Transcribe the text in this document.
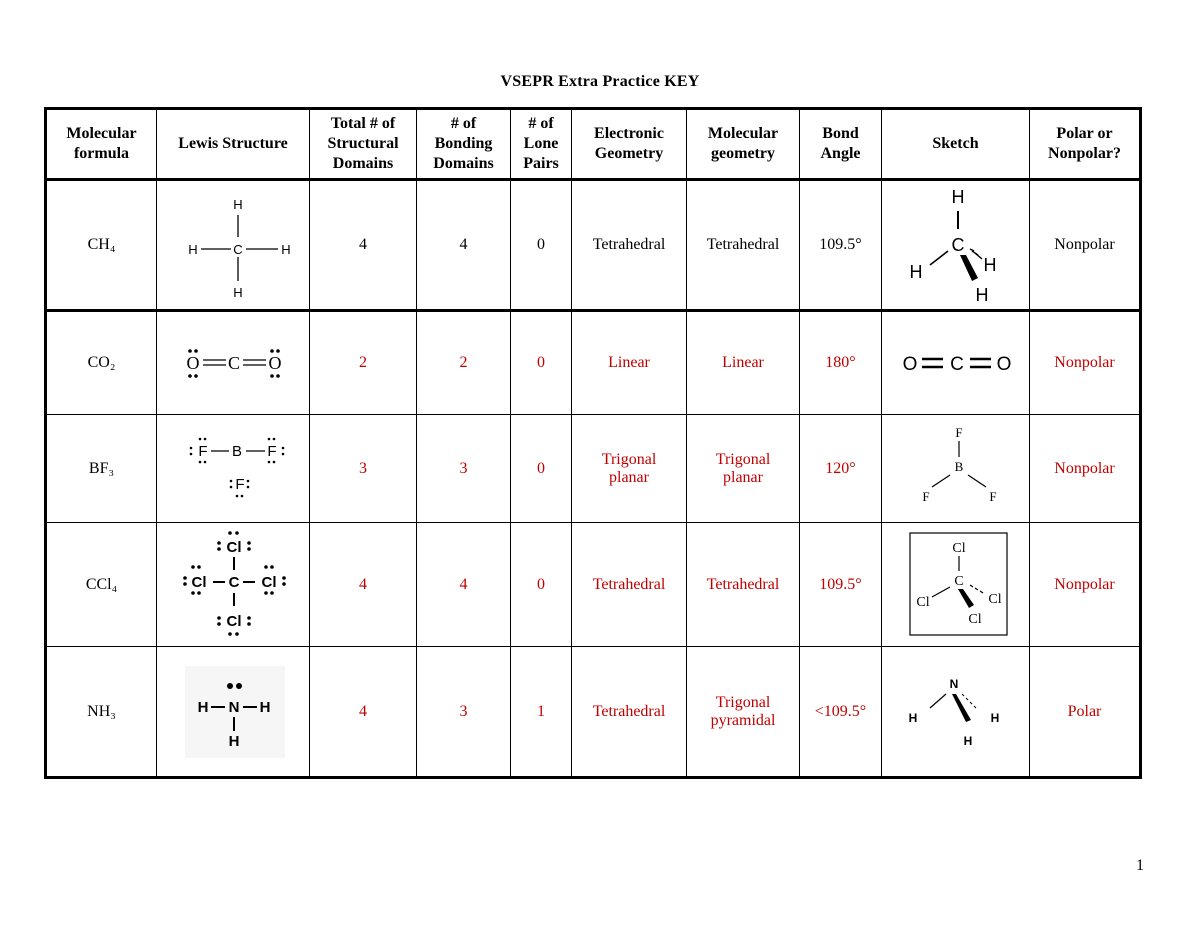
VSEPR Extra Practice KEY
Molecular
formula	Lewis Structure	Total # of
Structural
Domains	# of
Bonding
Domains	# of
Lone
Pairs	Electronic
Geometry	Molecular
geometry	Bond
Angle	Sketch	Polar or
Nonpolar?
CH₄	H
H C H
H	4	4	0	Tetrahedral	Tetrahedral	109.5°	H
C
H H
H	Nonpolar
CO₂	O C O	2	2	0	Linear	Linear	180°	O C O	Nonpolar
BF₃	F B F
F	3	3	0	Trigonal
planar	Trigonal
planar	120°	F
B
F F	Nonpolar
CCl₄	Cl
Cl C Cl
Cl	4	4	0	Tetrahedral	Tetrahedral	109.5°	Cl
C
Cl Cl
Cl	Nonpolar
NH₃	H N H
H	4	3	1	Tetrahedral	Trigonal
pyramidal	<109.5°	N
H H
H	Polar
1
